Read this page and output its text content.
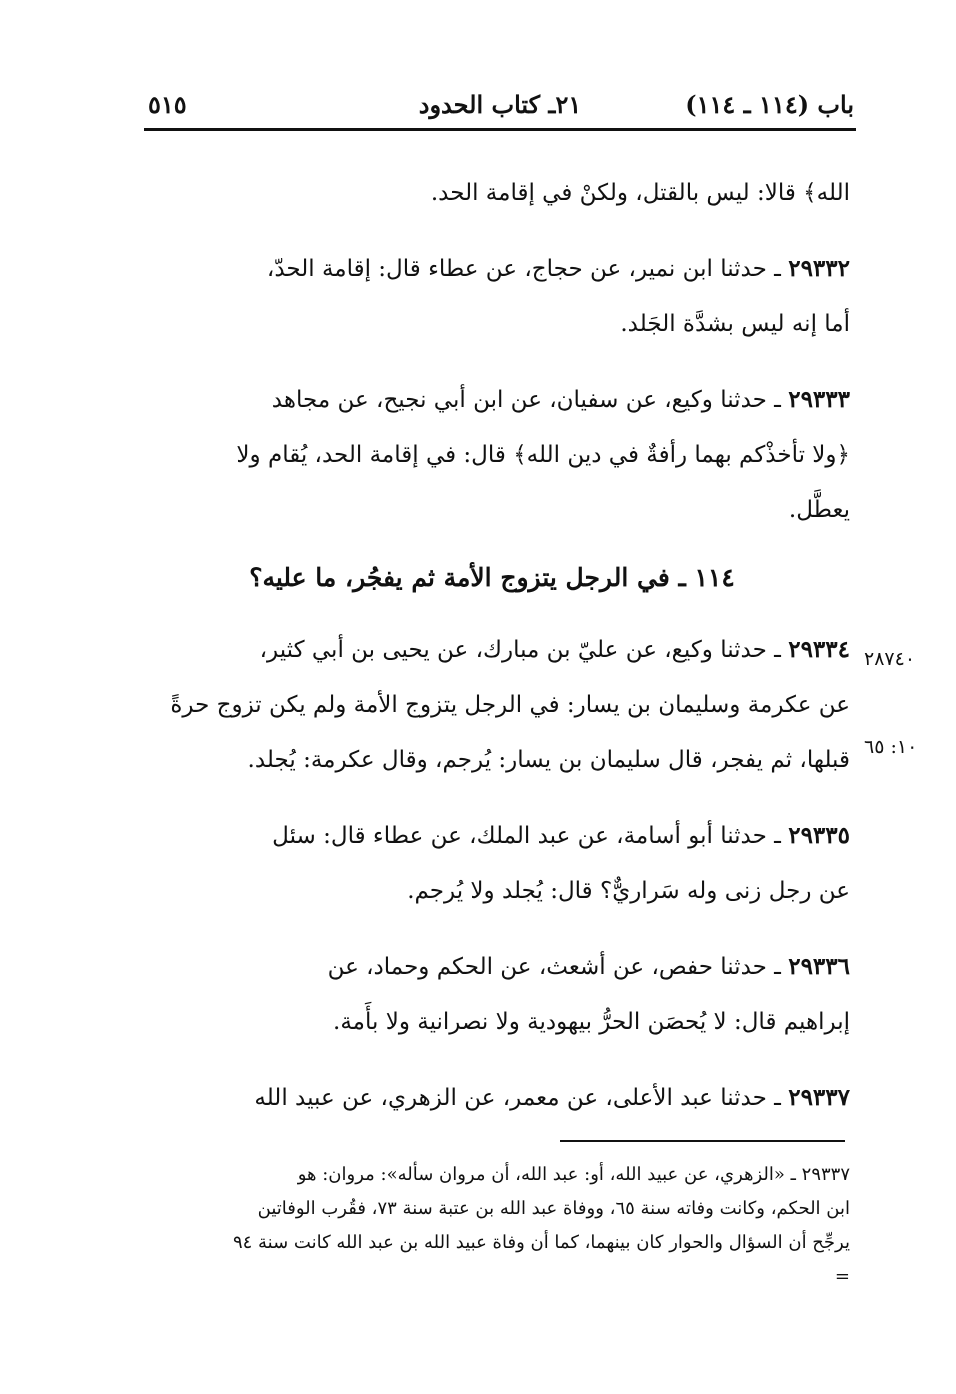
٥١٥	٢١ـ كتاب الحدود	باب (١١٤ ـ ١١٤)

الله﴾ قالا: ليس بالقتل، ولكنْ في إقامة الحد.

٢٩٣٣٢ ـ حدثنا ابن نمير، عن حجاج، عن عطاء قال: إقامة الحدّ،
أما إنه ليس بشدَّة الجَلد.

٢٩٣٣٣ ـ حدثنا وكيع، عن سفيان، عن ابن أبي نجيح، عن مجاهد
﴿ولا تأخذْكم بهما رأفةٌ في دين الله﴾ قال: في إقامة الحد، يُقام ولا
يعطَّل.

١١٤ ـ في الرجل يتزوج الأمة ثم يفجُر، ما عليه؟

٢٩٣٣٤ ـ حدثنا وكيع، عن عليّ بن مبارك، عن يحيى بن أبي كثير،
عن عكرمة وسليمان بن يسار: في الرجل يتزوج الأمة ولم يكن تزوج حرةً
قبلها، ثم يفجر، قال سليمان بن يسار: يُرجم، وقال عكرمة: يُجلد.

٢٩٣٣٥ ـ حدثنا أبو أسامة، عن عبد الملك، عن عطاء قال: سئل
عن رجل زنى وله سَراريٌّ؟ قال: يُجلد ولا يُرجم.

٢٩٣٣٦ ـ حدثنا حفص، عن أشعث، عن الحكم وحماد، عن
إبراهيم قال: لا يُحصَن الحرُّ بيهودية ولا نصرانية ولا بأَمة.

٢٩٣٣٧ ـ حدثنا عبد الأعلى، عن معمر، عن الزهري، عن عبيد الله

٢٨٧٤٠
١٠: ٦٥
٢٩٣٣٧ ـ «الزهري، عن عبيد الله، أو: عبد الله، أن مروان سأله»: مروان: هو
ابن الحكم، وكانت وفاته سنة ٦٥، ووفاة عبد الله بن عتبة سنة ٧٣، فقُرب الوفاتين
يرجِّح أن السؤال والحوار كان بينهما، كما أن وفاة عبيد الله بن عبد الله كانت سنة ٩٤
=
